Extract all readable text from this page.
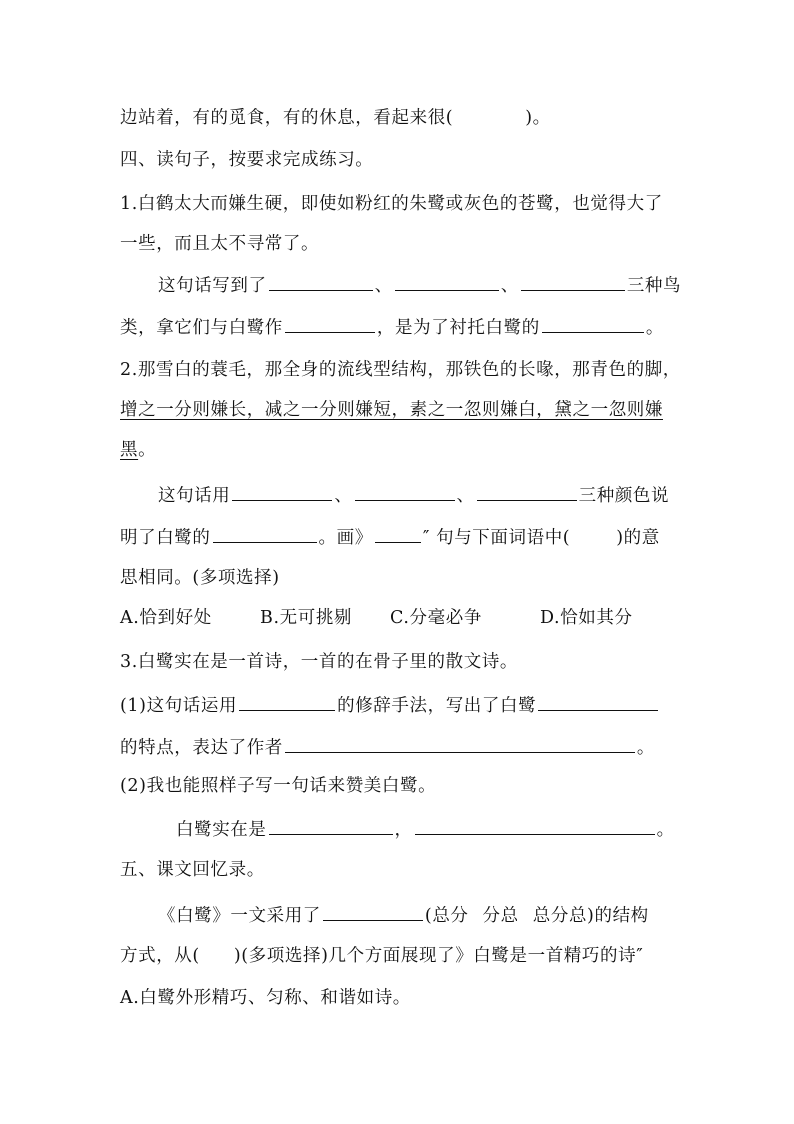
边站着，有的觅食，有的休息，看起来很(	)。
四、读句子，按要求完成练习。
1.白鹤太大而嫌生硬，即使如粉红的朱鹭或灰色的苍鹭，也觉得大了
一些，而且太不寻常了。
这句话写到了	、	、	三种鸟
类，拿它们与白鹭作	，是为了衬托白鹭的	。
2.那雪白的蓑毛，那全身的流线型结构，那铁色的长喙，那青色的脚，
增之一分则嫌长，减之一分则嫌短，素之一忽则嫌白，黛之一忽则嫌
黑。
这句话用	、	、	三种颜色说
明了白鹭的	。画》	″ 句与下面词语中(	)的意
思相同。(多项选择)
A.恰到好处	B.无可挑剔 C.分毫必争	D.恰如其分
3.白鹭实在是一首诗，一首的在骨子里的散文诗。
(1)这句话运用	的修辞手法，写出了白鹭
的特点，表达了作者	。
(2)我也能照样子写一句话来赞美白鹭。
白鹭实在是	，	。
五、课文回忆录。
《白鹭》一文采用了	(总分 分总 总分总)的结构
方式，从( )(多项选择)几个方面展现了》白鹭是一首精巧的诗″
A.白鹭外形精巧、匀称、和谐如诗。
